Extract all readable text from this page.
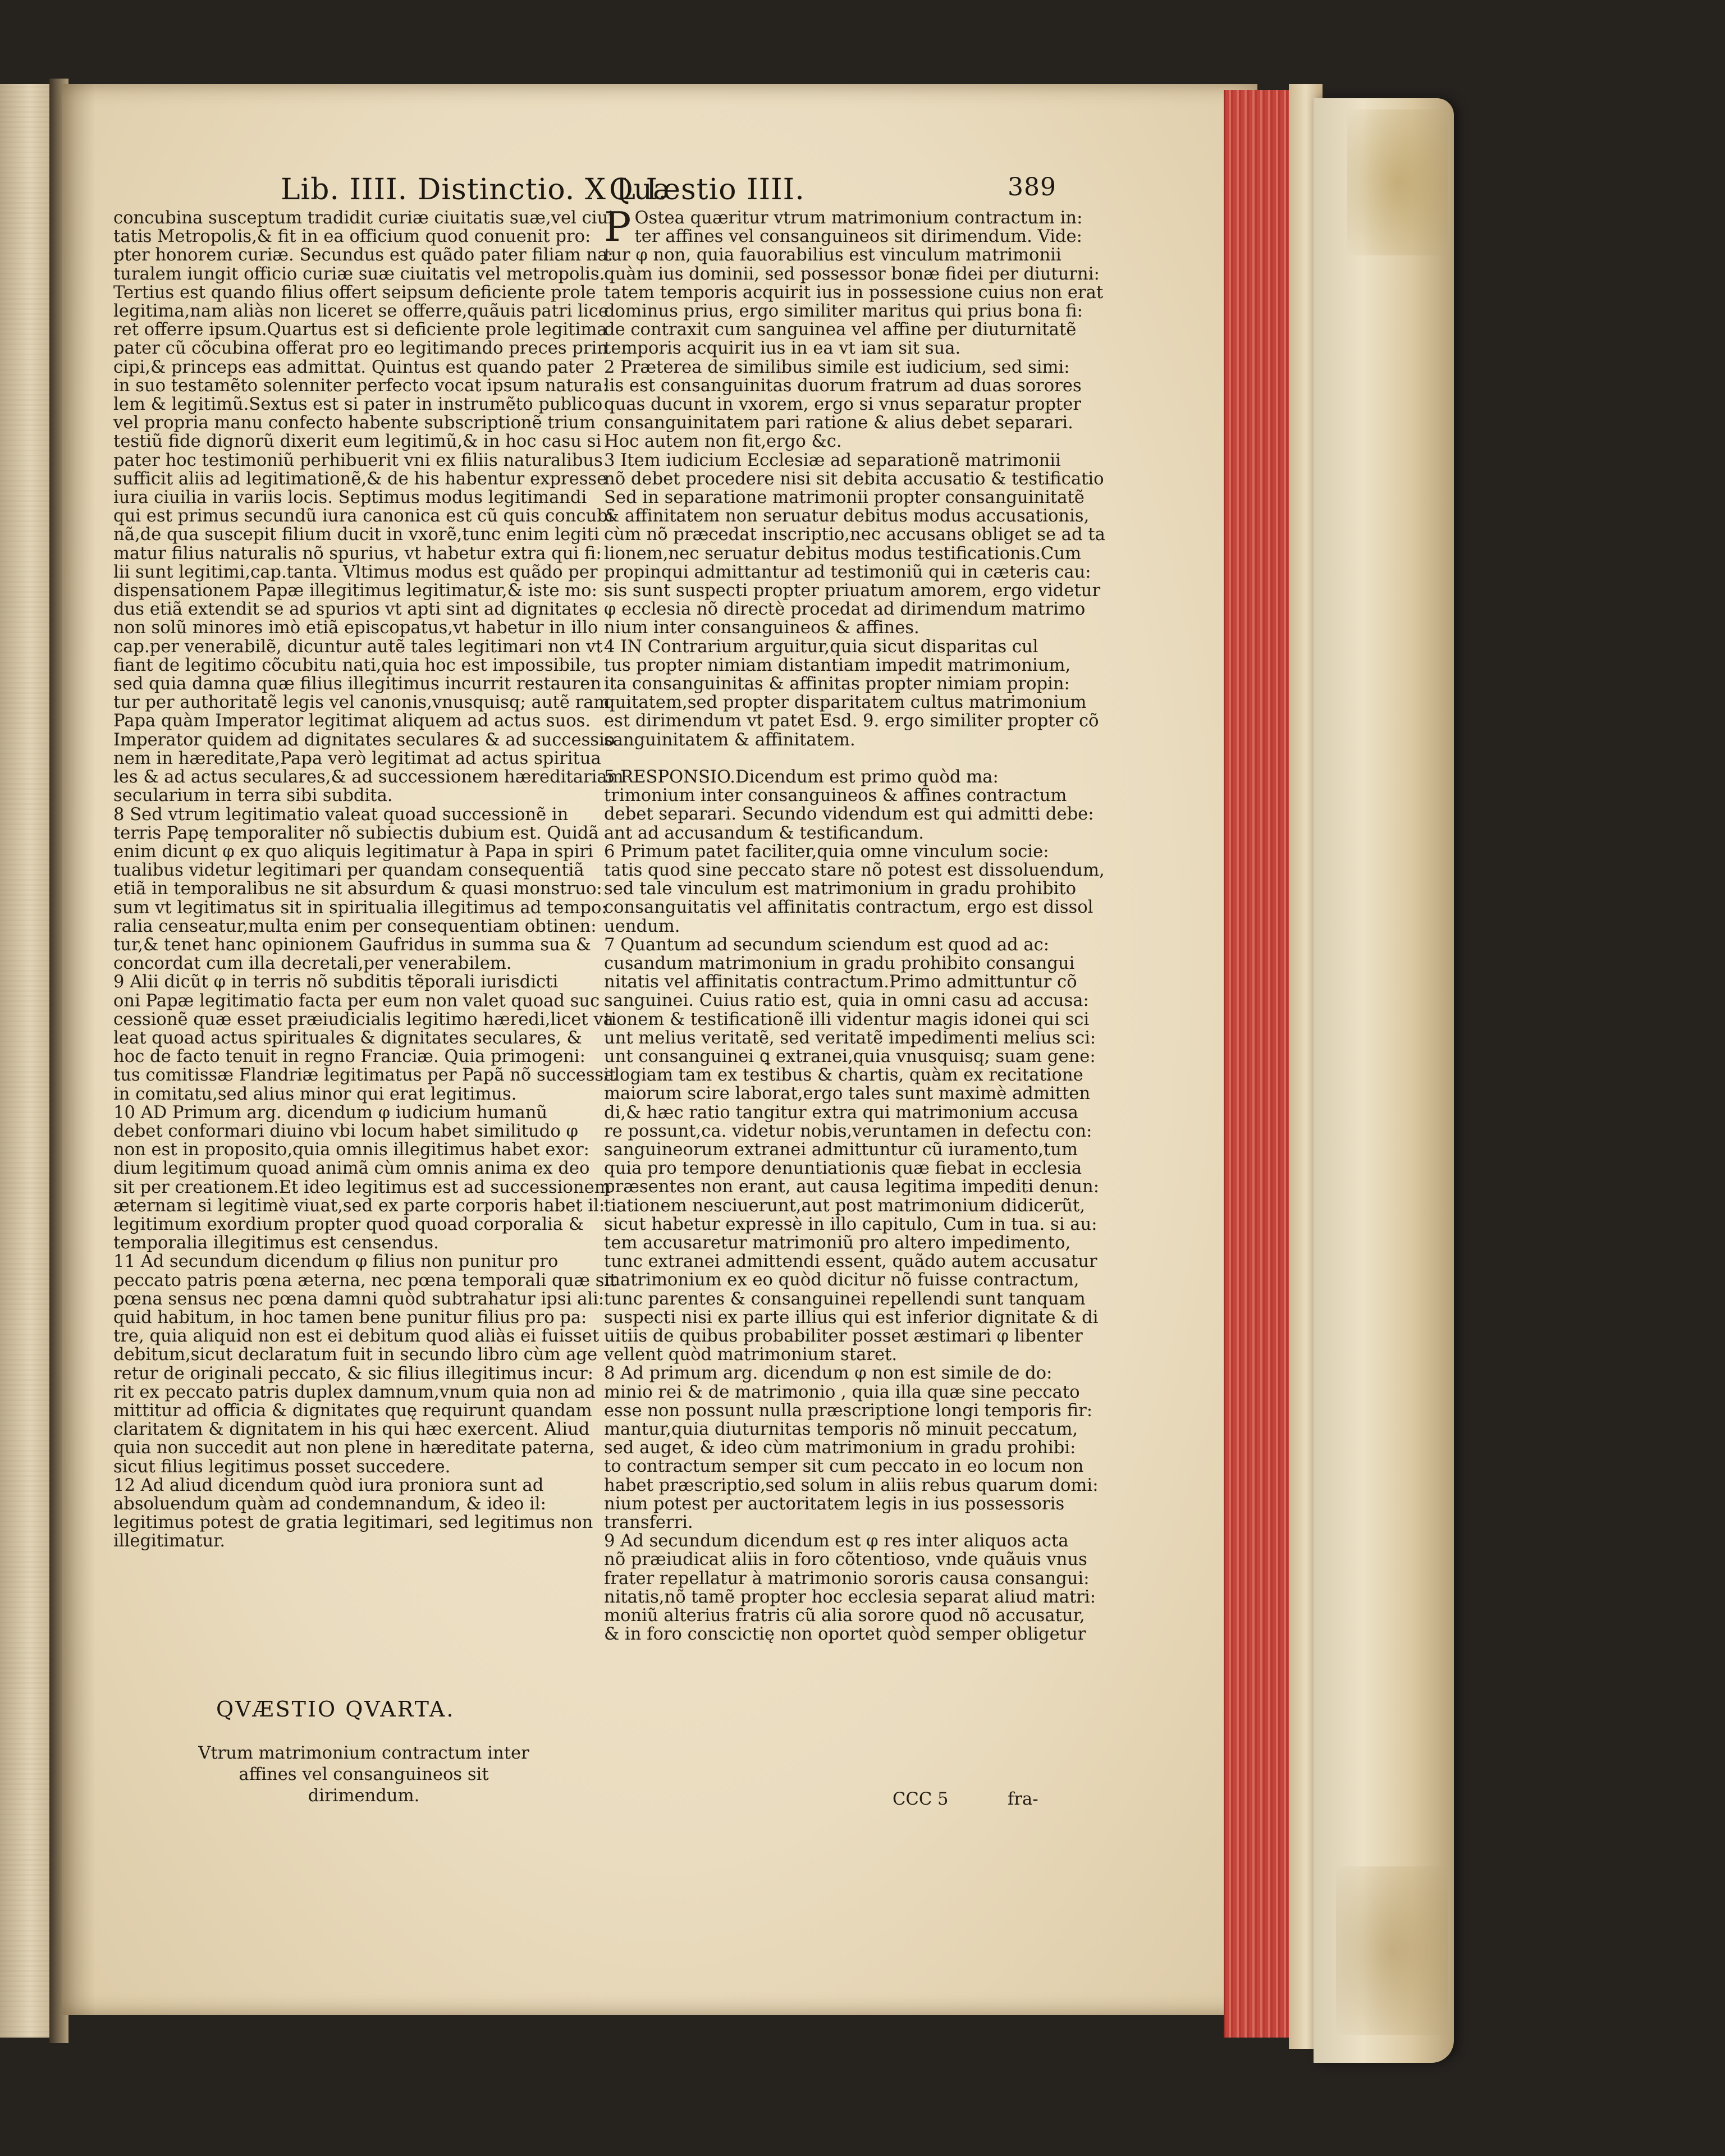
Lib. IIII. Distinctio. X L I.
Quæstio IIII.	389
concubina susceptum tradidit curiæ ciuitatis suæ,vel ciui
tatis Metropolis,& fit in ea officium quod conuenit pro:
pter honorem curiæ. Secundus est quãdo pater filiam na:
turalem iungit officio curiæ suæ ciuitatis vel metropolis.
Tertius est quando filius offert seipsum deficiente prole
legitima,nam aliàs non liceret se offerre,quãuis patri lice
ret offerre ipsum.Quartus est si deficiente prole legitima
pater cũ cõcubina offerat pro eo legitimando preces prin
cipi,& princeps eas admittat. Quintus est quando pater
in suo testamẽto solenniter perfecto vocat ipsum natura:
lem & legitimũ.Sextus est si pater in instrumẽto publico
vel propria manu confecto habente subscriptionẽ trium
testiũ fide dignorũ dixerit eum legitimũ,& in hoc casu si
pater hoc testimoniũ perhibuerit vni ex filiis naturalibus
sufficit aliis ad legitimationẽ,& de his habentur expresse
iura ciuilia in variis locis. Septimus modus legitimandi
qui est primus secundũ iura canonica est cũ quis concubi
nã,de qua suscepit filium ducit in vxorẽ,tunc enim legiti
matur filius naturalis nõ spurius, vt habetur extra qui fi:
lii sunt legitimi,cap.tanta. Vltimus modus est quãdo per
dispensationem Papæ illegitimus legitimatur,& iste mo:
dus etiã extendit se ad spurios vt apti sint ad dignitates
non solũ minores imò etiã episcopatus,vt habetur in illo
cap.per venerabilẽ, dicuntur autẽ tales legitimari non vt
fiant de legitimo cõcubitu nati,quia hoc est impossibile,
sed quia damna quæ filius illegitimus incurrit restauren
tur per authoritatẽ legis vel canonis,vnusquisq; autẽ ram
Papa quàm Imperator legitimat aliquem ad actus suos.
Imperator quidem ad dignitates seculares & ad successio
nem in hæreditate,Papa verò legitimat ad actus spiritua
les & ad actus seculares,& ad successionem hæreditariam
secularium in terra sibi subdita.
8 Sed vtrum legitimatio valeat quoad successionẽ in
terris Papę temporaliter nõ subiectis dubium est. Quidã
enim dicunt φ ex quo aliquis legitimatur à Papa in spiri
tualibus videtur legitimari per quandam consequentiã
etiã in temporalibus ne sit absurdum & quasi monstruo:
sum vt legitimatus sit in spiritualia illegitimus ad tempo:
ralia censeatur,multa enim per consequentiam obtinen:
tur,& tenet hanc opinionem Gaufridus in summa sua &
concordat cum illa decretali,per venerabilem.
9 Alii dicũt φ in terris nõ subditis tẽporali iurisdicti
oni Papæ legitimatio facta per eum non valet quoad suc
cessionẽ quæ esset præiudicialis legitimo hæredi,licet va
leat quoad actus spirituales & dignitates seculares, &
hoc de facto tenuit in regno Franciæ. Quia primogeni:
tus comitissæ Flandriæ legitimatus per Papã nõ successit
in comitatu,sed alius minor qui erat legitimus.
10 AD Primum arg. dicendum φ iudicium humanũ
debet conformari diuino vbi locum habet similitudo φ
non est in proposito,quia omnis illegitimus habet exor:
dium legitimum quoad animã cùm omnis anima ex deo
sit per creationem.Et ideo legitimus est ad successionem
æternam si legitimè viuat,sed ex parte corporis habet il:
legitimum exordium propter quod quoad corporalia &
temporalia illegitimus est censendus.
11 Ad secundum dicendum φ filius non punitur pro
peccato patris pœna æterna, nec pœna temporali quæ sit
pœna sensus nec pœna damni quòd subtrahatur ipsi ali:
quid habitum, in hoc tamen bene punitur filius pro pa:
tre, quia aliquid non est ei debitum quod aliàs ei fuisset
debitum,sicut declaratum fuit in secundo libro cùm age
retur de originali peccato, & sic filius illegitimus incur:
rit ex peccato patris duplex damnum,vnum quia non ad
mittitur ad officia & dignitates quę requirunt quandam
claritatem & dignitatem in his qui hæc exercent. Aliud
quia non succedit aut non plene in hæreditate paterna,
sicut filius legitimus posset succedere.
12 Ad aliud dicendum quòd iura proniora sunt ad
absoluendum quàm ad condemnandum, & ideo il:
legitimus potest de gratia legitimari, sed legitimus non
illegitimatur.
QVÆSTIO QVARTA.
Vtrum matrimonium contractum inter affines vel consanguineos sit dirimendum.
P Ostea quæritur vtrum matrimonium contractum in:
ter affines vel consanguineos sit dirimendum. Vide:
tur φ non, quia fauorabilius est vinculum matrimonii
quàm ius dominii, sed possessor bonæ fidei per diuturni:
tatem temporis acquirit ius in possessione cuius non erat
dominus prius, ergo similiter maritus qui prius bona fi:
de contraxit cum sanguinea vel affine per diuturnitatẽ
temporis acquirit ius in ea vt iam sit sua.
2 Præterea de similibus simile est iudicium, sed simi:
lis est consanguinitas duorum fratrum ad duas sorores
quas ducunt in vxorem, ergo si vnus separatur propter
consanguinitatem pari ratione & alius debet separari.
Hoc autem non fit,ergo &c.
3 Item iudicium Ecclesiæ ad separationẽ matrimonii
nõ debet procedere nisi sit debita accusatio & testificatio
Sed in separatione matrimonii propter consanguinitatẽ
& affinitatem non seruatur debitus modus accusationis,
cùm nõ præcedat inscriptio,nec accusans obliget se ad ta
lionem,nec seruatur debitus modus testificationis.Cum
propinqui admittantur ad testimoniũ qui in cæteris cau:
sis sunt suspecti propter priuatum amorem, ergo videtur
φ ecclesia nõ directè procedat ad dirimendum matrimo
nium inter consanguineos & affines.
4 IN Contrarium arguitur,quia sicut disparitas cul
tus propter nimiam distantiam impedit matrimonium,
ita consanguinitas & affinitas propter nimiam propin:
quitatem,sed propter disparitatem cultus matrimonium
est dirimendum vt patet Esd. 9. ergo similiter propter cõ
sanguinitatem & affinitatem.
5 RESPONSIO.Dicendum est primo quòd ma:
trimonium inter consanguineos & affines contractum
debet separari. Secundo videndum est qui admitti debe:
ant ad accusandum & testificandum.
6 Primum patet faciliter,quia omne vinculum socie:
tatis quod sine peccato stare nõ potest est dissoluendum,
sed tale vinculum est matrimonium in gradu prohibito
consanguitatis vel affinitatis contractum, ergo est dissol
uendum.
7 Quantum ad secundum sciendum est quod ad ac:
cusandum matrimonium in gradu prohibito consangui
nitatis vel affinitatis contractum.Primo admittuntur cõ
sanguinei. Cuius ratio est, quia in omni casu ad accusa:
tionem & testificationẽ illi videntur magis idonei qui sci
unt melius veritatẽ, sed veritatẽ impedimenti melius sci:
unt consanguinei ꝗ extranei,quia vnusquisq; suam gene:
alogiam tam ex testibus & chartis, quàm ex recitatione
maiorum scire laborat,ergo tales sunt maximè admitten
di,& hæc ratio tangitur extra qui matrimonium accusa
re possunt,ca. videtur nobis,veruntamen in defectu con:
sanguineorum extranei admittuntur cũ iuramento,tum
quia pro tempore denuntiationis quæ fiebat in ecclesia
præsentes non erant, aut causa legitima impediti denun:
tiationem nesciuerunt,aut post matrimonium didicerũt,
sicut habetur expressè in illo capitulo, Cum in tua. si au:
tem accusaretur matrimoniũ pro altero impedimento,
tunc extranei admittendi essent, quãdo autem accusatur
matrimonium ex eo quòd dicitur nõ fuisse contractum,
tunc parentes & consanguinei repellendi sunt tanquam
suspecti nisi ex parte illius qui est inferior dignitate & di
uitiis de quibus probabiliter posset æstimari φ libenter
vellent quòd matrimonium staret.
8 Ad primum arg. dicendum φ non est simile de do:
minio rei & de matrimonio , quia illa quæ sine peccato
esse non possunt nulla præscriptione longi temporis fir:
mantur,quia diuturnitas temporis nõ minuit peccatum,
sed auget, & ideo cùm matrimonium in gradu prohibi:
to contractum semper sit cum peccato in eo locum non
habet præscriptio,sed solum in aliis rebus quarum domi:
nium potest per auctoritatem legis in ius possessoris
transferri.
9 Ad secundum dicendum est φ res inter aliquos acta
nõ præiudicat aliis in foro cõtentioso, vnde quãuis vnus
frater repellatur à matrimonio sororis causa consangui:
nitatis,nõ tamẽ propter hoc ecclesia separat aliud matri:
moniũ alterius fratris cũ alia sorore quod nõ accusatur,
& in foro conscictię non oportet quòd semper obligetur
CCC 5	fra-
